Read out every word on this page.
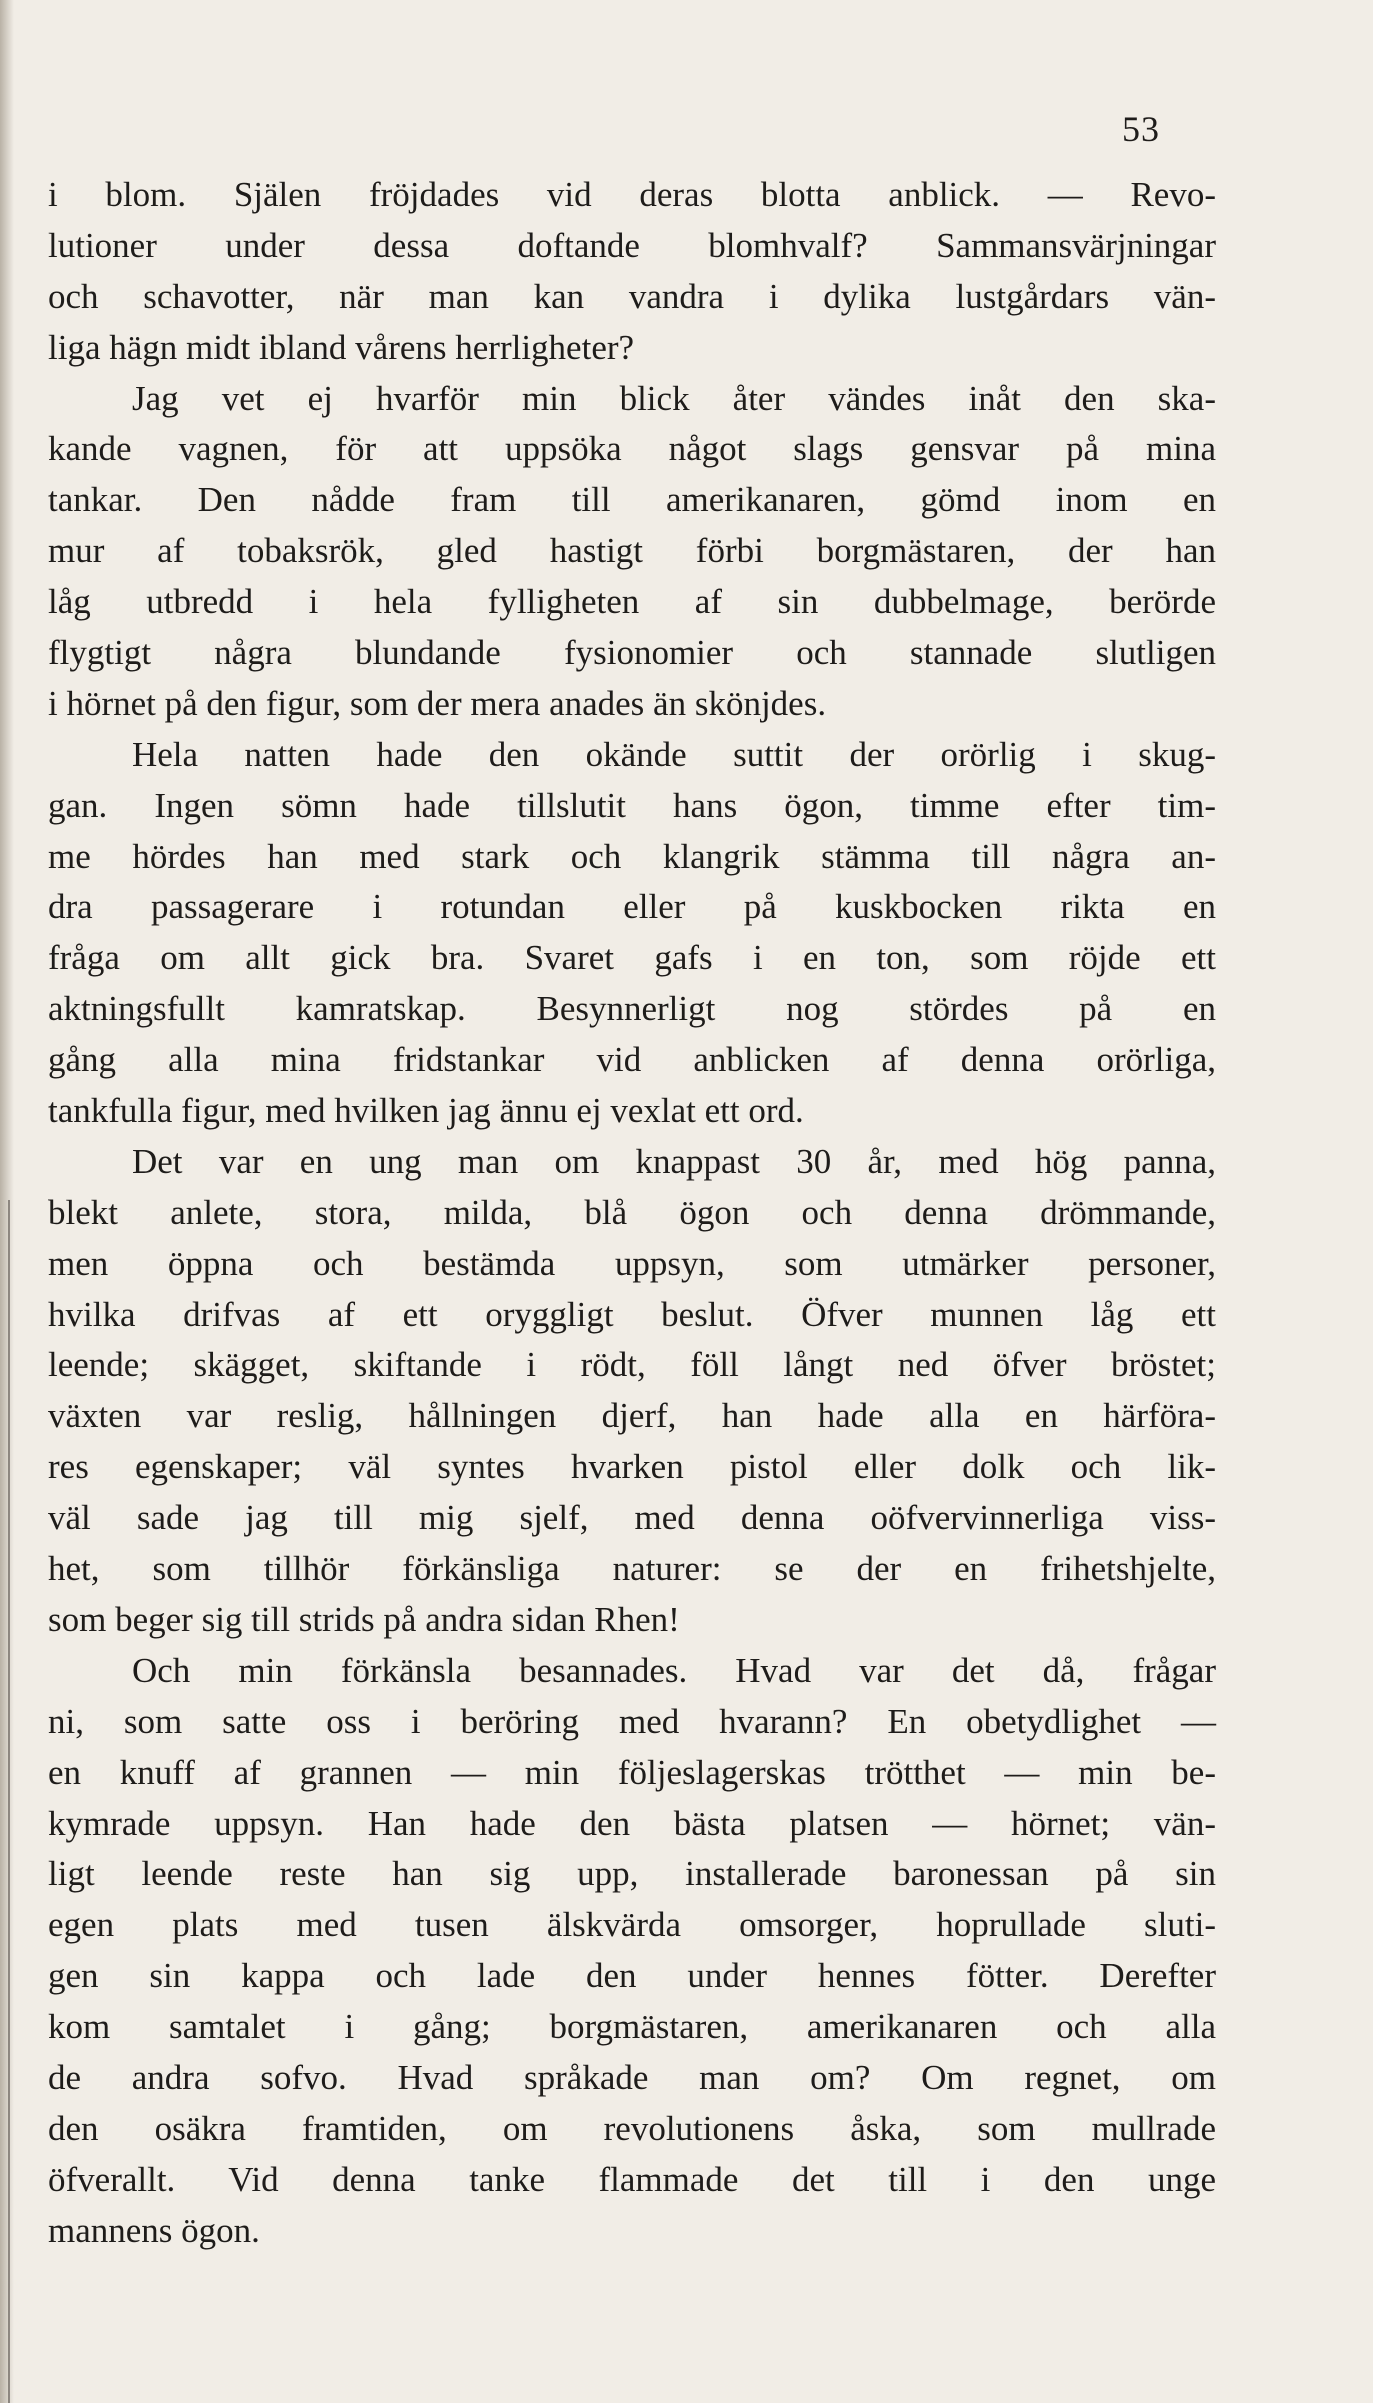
53
i blom. Själen fröjdades vid deras blotta anblick. — Revo-
lutioner under dessa doftande blomhvalf? Sammansvärjningar
och schavotter, när man kan vandra i dylika lustgårdars vän-
liga hägn midt ibland vårens herrligheter?
Jag vet ej hvarför min blick åter vändes inåt den ska-
kande vagnen, för att uppsöka något slags gensvar på mina
tankar. Den nådde fram till amerikanaren, gömd inom en
mur af tobaksrök, gled hastigt förbi borgmästaren, der han
låg utbredd i hela fylligheten af sin dubbelmage, berörde
flygtigt några blundande fysionomier och stannade slutligen
i hörnet på den figur, som der mera anades än skönjdes.
Hela natten hade den okände suttit der orörlig i skug-
gan. Ingen sömn hade tillslutit hans ögon, timme efter tim-
me hördes han med stark och klangrik stämma till några an-
dra passagerare i rotundan eller på kuskbocken rikta en
fråga om allt gick bra. Svaret gafs i en ton, som röjde ett
aktningsfullt kamratskap. Besynnerligt nog stördes på en
gång alla mina fridstankar vid anblicken af denna orörliga,
tankfulla figur, med hvilken jag ännu ej vexlat ett ord.
Det var en ung man om knappast 30 år, med hög panna,
blekt anlete, stora, milda, blå ögon och denna drömmande,
men öppna och bestämda uppsyn, som utmärker personer,
hvilka drifvas af ett oryggligt beslut. Öfver munnen låg ett
leende; skägget, skiftande i rödt, föll långt ned öfver bröstet;
växten var reslig, hållningen djerf, han hade alla en härföra-
res egenskaper; väl syntes hvarken pistol eller dolk och lik-
väl sade jag till mig sjelf, med denna oöfvervinnerliga viss-
het, som tillhör förkänsliga naturer: se der en frihetshjelte,
som beger sig till strids på andra sidan Rhen!
Och min förkänsla besannades. Hvad var det då, frågar
ni, som satte oss i beröring med hvarann? En obetydlighet —
en knuff af grannen — min följeslagerskas trötthet — min be-
kymrade uppsyn. Han hade den bästa platsen — hörnet; vän-
ligt leende reste han sig upp, installerade baronessan på sin
egen plats med tusen älskvärda omsorger, hoprullade sluti-
gen sin kappa och lade den under hennes fötter. Derefter
kom samtalet i gång; borgmästaren, amerikanaren och alla
de andra sofvo. Hvad språkade man om? Om regnet, om
den osäkra framtiden, om revolutionens åska, som mullrade
öfverallt. Vid denna tanke flammade det till i den unge
mannens ögon.
